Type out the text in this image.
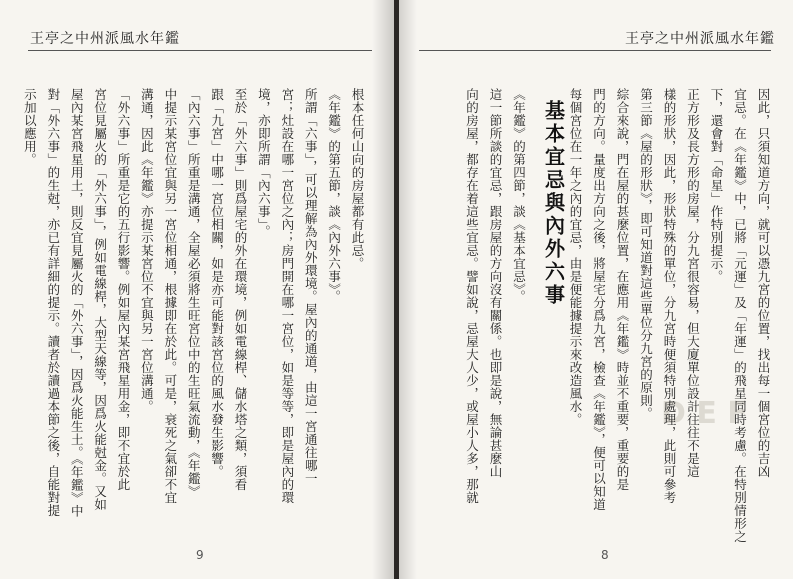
王亭之中州派風水年鑑
根本任何山向的房屋都有此忌。
《年鑑》的第五節，談《內外六事》。
所謂「六事」，可以理解為內外環境。屋內的通道，由這一宮通往哪一
宮；灶設在哪一宮位之內；房門開在哪一宮位，如是等等，即是屋內的環
境，亦即所謂「內六事」。
至於「外六事」則爲屋宅的外在環境，例如電線桿、儲水塔之類，須看
跟「九宮」中哪一宮位相關，如是亦可能對該宮位的風水發生影響。
「內六事」所重是溝通，全屋必須將生旺宮位中的生旺氣流動，《年鑑》
中提示某宮位宜與另一宮位相通，根據即在於此。可是，衰死之氣卻不宜
溝通，因此《年鑑》亦提示某宮位不宜與另一宮位溝通。
「外六事」所重是它的五行影響。例如屋內某宮飛星用金，即不宜於此
宮位見屬火的「外六事」，例如電線桿，大型天線等，因爲火能尅金。又如
屋內某宮飛星用土，則反宜見屬火的「外六事」，因爲火能生土。《年鑑》中
對「外六事」的生尅，亦已有詳細的提示。讀者於讀過本節之後，自能對提
示加以應用。
9
D E F
王亭之中州派風水年鑑
因此，只須知道方向，就可以憑九宮的位置，找出每一個宮位的吉凶
宜忌。在《年鑑》中，已將「元運」及「年運」的飛星同時考慮。在特別情形之
下，還會對「命星」作特別提示。
正方形及長方形的房屋，分九宮很容易，但大廈單位設計往往不是這
樣的形狀，因此，形狀特殊的單位，分九宮時便須特別處理，此則可參考
第三節《屋的形狀》，即可知道對這些單位分九宮的原則。
綜合來說，門在屋的甚麼位置，在應用《年鑑》時並不重要，重要的是
門的方向。量度出方向之後，將屋宅分爲九宮，檢查《年鑑》，便可以知道
每個宮位在一年之內的宜忌，由是便能據提示來改造風水。
基本宜忌與內外六事
《年鑑》的第四節，談《基本宜忌》。
這一節所談的宜忌，跟房屋的方向沒有關係。也即是說，無論甚麼山
向的房屋，都存在着這些宜忌。譬如說，忌屋大人少，或屋小人多，那就
8
